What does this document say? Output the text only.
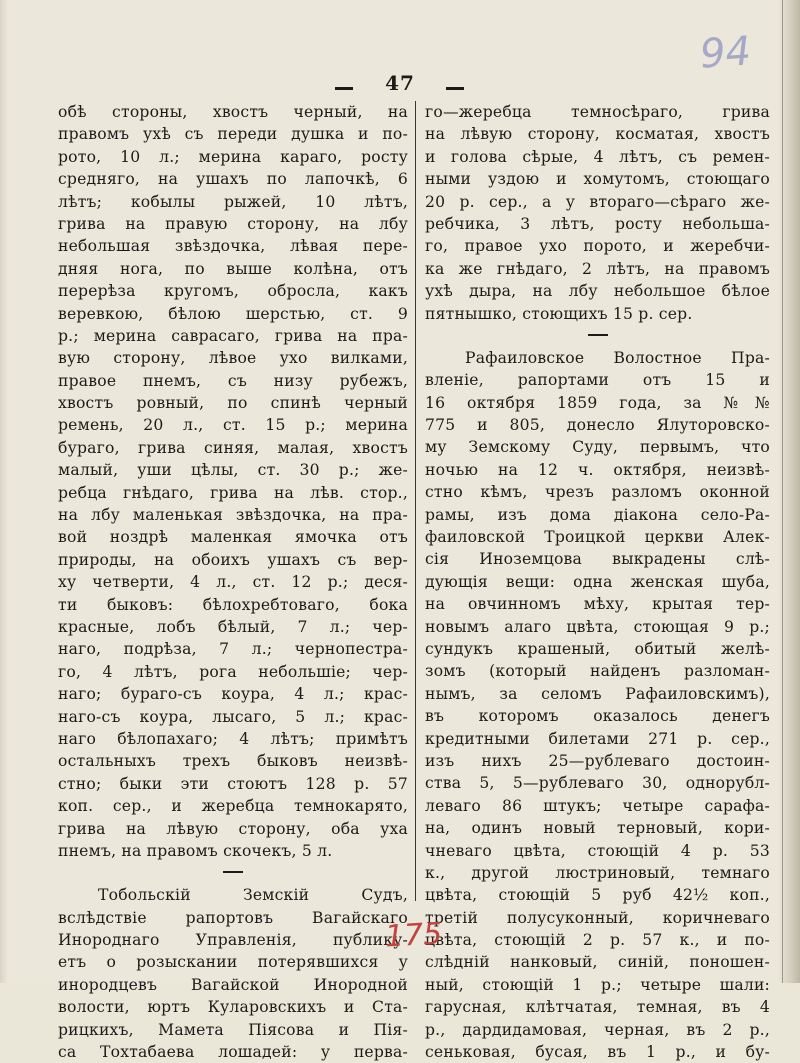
94
47
обѣ стороны, хвостъ черный, на
правомъ ухѣ съ переди душка и по-
рото, 10 л.; мерина караго, росту
средняго, на ушахъ по лапочкѣ, 6
лѣтъ; кобылы рыжей, 10 лѣтъ,
грива на правую сторону, на лбу
небольшая звѣздочка, лѣвая пере-
дняя нога, по выше колѣна, отъ
перерѣза кругомъ, обросла, какъ
веревкою, бѣлою шерстью, ст. 9
р.; мерина саврасаго, грива на пра-
вую сторону, лѣвое ухо вилками,
правое пнемъ, съ низу рубежъ,
хвостъ ровный, по спинѣ черный
ремень, 20 л., ст. 15 р.; мерина
бураго, грива синяя, малая, хвостъ
малый, уши цѣлы, ст. 30 р.; же-
ребца гнѣдаго, грива на лѣв. стор.,
на лбу маленькая звѣздочка, на пра-
вой ноздрѣ маленкая ямочка отъ
природы, на обоихъ ушахъ съ вер-
ху четверти, 4 л., ст. 12 р.; деся-
ти быковъ: бѣлохребтоваго, бока
красные, лобъ бѣлый, 7 л.; чер-
наго, подрѣза, 7 л.; чернопестра-
го, 4 лѣтъ, рога небольшіе; чер-
наго; бураго-съ коура, 4 л.; крас-
наго-съ коура, лысаго, 5 л.; крас-
наго бѣлопахаго; 4 лѣтъ; примѣтъ
остальныхъ трехъ быковъ неизвѣ-
стно; быки эти стоютъ 128 р. 57
коп. сер., и жеребца темнокарято,
грива на лѣвую сторону, оба уха
пнемъ, на правомъ скочекъ, 5 л.
Тобольскій Земскій Судъ,
вслѣдствіе рапортовъ Вагайскаго
Инороднаго Управленія, публику-
етъ о розыскании потерявшихся у
инородцевъ Вагайской Инородной
волости, юртъ Куларовскихъ и Ста-
рицкихъ, Мамета Піясова и Пія-
са Тохтабаева лошадей: у перва-
го—жеребца темносѣраго, грива
на лѣвую сторону, косматая, хвостъ
и голова сѣрые, 4 лѣтъ, съ ремен-
ными уздою и хомутомъ, стоющаго
20 р. сер., а у втораго—сѣраго же-
ребчика, 3 лѣтъ, росту небольша-
го, правое ухо порото, и жеребчи-
ка же гнѣдаго, 2 лѣтъ, на правомъ
ухѣ дыра, на лбу небольшое бѣлое
пятнышко, стоющихъ 15 р. сер.
Рафаиловское Волостное Пра-
вленіе, рапортами отъ 15 и
16 октября 1859 года, за №№
775 и 805, донесло Ялуторовско-
му Земскому Суду, первымъ, что
ночью на 12 ч. октября, неизвѣ-
стно кѣмъ, чрезъ разломъ оконной
рамы, изъ дома діакона село-Ра-
фаиловской Троицкой церкви Алек-
сія Иноземцова выкрадены слѣ-
дующія вещи: одна женская шуба,
на овчинномъ мѣху, крытая тер-
новымъ алаго цвѣта, стоющая 9 р.;
сундукъ крашеный, обитый желѣ-
зомъ (который найденъ разломан-
нымъ, за селомъ Рафаиловскимъ),
въ которомъ оказалось денегъ
кредитными билетами 271 р. сер.,
изъ нихъ 25—рублеваго достоин-
ства 5, 5—рублеваго 30, однорубл-
леваго 86 штукъ; четыре сарафа-
на, одинъ новый терновый, кори-
чневаго цвѣта, стоющій 4 р. 53
к., другой люстриновый, темнаго
цвѣта, стоющій 5 руб 42½ коп.,
третій полусуконный, коричневаго
цвѣта, стоющій 2 р. 57 к., и по-
слѣдній нанковый, синій, поношен-
ный, стоющій 1 р.; четыре шали:
гарусная, клѣтчатая, темная, въ 4
р., дардидамовая, черная, въ 2 р.,
сеньковая, бусая, въ 1 р., и бу-
175
